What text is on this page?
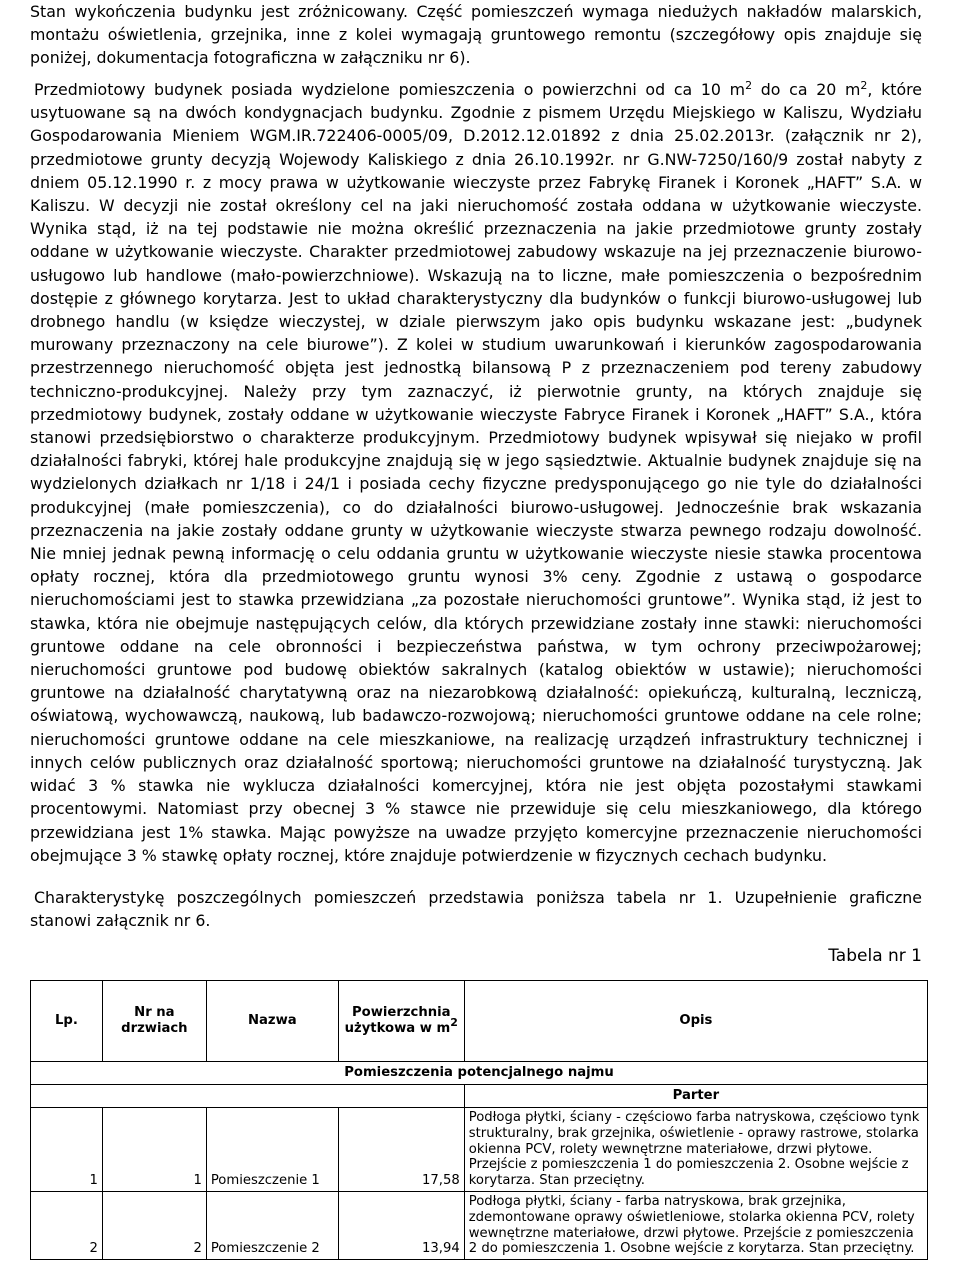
Stan wykończenia budynku jest zróżnicowany. Część pomieszczeń wymaga niedużych nakładów malarskich, montażu oświetlenia, grzejnika, inne z kolei wymagają gruntowego remontu (szczegółowy opis znajduje się poniżej, dokumentacja fotograficzna w załączniku nr 6).

Przedmiotowy budynek posiada wydzielone pomieszczenia o powierzchni od ca 10 $m^2$ do ca 20 $m^2$, które usytuowane są na dwóch kondygnacjach budynku. Zgodnie z pismem Urzędu Miejskiego w Kaliszu, Wydziału Gospodarowania Mieniem WGM.IR.722406-0005/09, D.2012.12.01892 z dnia 25.02.2013r. (załącznik nr 2), przedmiotowe grunty decyzją Wojewody Kaliskiego z dnia 26.10.1992r. nr G.NW-7250/160/9 został nabyty z dniem 05.12.1990 r. z mocy prawa w użytkowanie wieczyste przez Fabrykę Firanek i Koronek „HAFT” S.A. w Kaliszu. W decyzji nie został określony cel na jaki nieruchomość została oddana w użytkowanie wieczyste. Wynika stąd, iż na tej podstawie nie można określić przeznaczenia na jakie przedmiotowe grunty zostały oddane w użytkowanie wieczyste. Charakter przedmiotowej zabudowy wskazuje na jej przeznaczenie biurowo- usługowo lub handlowe (mało-powierzchniowe). Wskazują na to liczne, małe pomieszczenia o bezpośrednim dostępie z głównego korytarza. Jest to układ charakterystyczny dla budynków o funkcji biurowo-usługowej lub drobnego handlu (w księdze wieczystej, w dziale pierwszym jako opis budynku wskazane jest: „budynek murowany przeznaczony na cele biurowe”). Z kolei w studium uwarunkowań i kierunków zagospodarowania przestrzennego nieruchomość objęta jest jednostką bilansową P z przeznaczeniem pod tereny zabudowy techniczno-produkcyjnej. Należy przy tym zaznaczyć, iż pierwotnie grunty, na których znajduje się przedmiotowy budynek, zostały oddane w użytkowanie wieczyste Fabryce Firanek i Koronek „HAFT” S.A., która stanowi przedsiębiorstwo o charakterze produkcyjnym. Przedmiotowy budynek wpisywał się niejako w profil działalności fabryki, której hale produkcyjne znajdują się w jego sąsiedztwie. Aktualnie budynek znajduje się na wydzielonych działkach nr 1/18 i 24/1 i posiada cechy fizyczne predysponującego go nie tyle do działalności produkcyjnej (małe pomieszczenia), co do działalności biurowo-usługowej. Jednocześnie brak wskazania przeznaczenia na jakie zostały oddane grunty w użytkowanie wieczyste stwarza pewnego rodzaju dowolność. Nie mniej jednak pewną informację o celu oddania gruntu w użytkowanie wieczyste niesie stawka procentowa opłaty rocznej, która dla przedmiotowego gruntu wynosi 3% ceny. Zgodnie z ustawą o gospodarce nieruchomościami jest to stawka przewidziana „za pozostałe nieruchomości gruntowe”. Wynika stąd, iż jest to stawka, która nie obejmuje następujących celów, dla których przewidziane zostały inne stawki: nieruchomości gruntowe oddane na cele obronności i bezpieczeństwa państwa, w tym ochrony przeciwpożarowej; nieruchomości gruntowe pod budowę obiektów sakralnych (katalog obiektów w ustawie); nieruchomości gruntowe na działalność charytatywną oraz na niezarobkową działalność: opiekuńczą, kulturalną, leczniczą, oświatową, wychowawczą, naukową, lub badawczo-rozwojową; nieruchomości gruntowe oddane na cele rolne; nieruchomości gruntowe oddane na cele mieszkaniowe, na realizację urządzeń infrastruktury technicznej i innych celów publicznych oraz działalność sportową; nieruchomości gruntowe na działalność turystyczną. Jak widać 3 % stawka nie wyklucza działalności komercyjnej, która nie jest objęta pozostałymi stawkami procentowymi. Natomiast przy obecnej 3 % stawce nie przewiduje się celu mieszkaniowego, dla którego przewidziana jest 1% stawka. Mając powyższe na uwadze przyjęto komercyjne przeznaczenie nieruchomości obejmujące 3 % stawkę opłaty rocznej, które znajduje potwierdzenie w fizycznych cechach budynku.

Charakterystykę poszczególnych pomieszczeń przedstawia poniższa tabela nr 1. Uzupełnienie graficzne stanowi załącznik nr 6.

Tabela nr 1
Lp.	Nr na drzwiach	Nazwa	Powierzchnia użytkowa w $m^2$	Opis
Pomieszczenia potencjalnego najmu				
				Parter
1	1	Pomieszczenie 1	17,58	Podłoga płytki, ściany - częściowo farba natryskowa, częściowo tynk strukturalny, brak grzejnika, oświetlenie - oprawy rastrowe, stolarka okienna PCV, rolety wewnętrzne materiałowe, drzwi płytowe. Przejście z pomieszczenia 1 do pomieszczenia 2. Osobne wejście z korytarza. Stan przeciętny.
2	2	Pomieszczenie 2	13,94	Podłoga płytki, ściany - farba natryskowa, brak grzejnika, zdemontowane oprawy oświetleniowe, stolarka okienna PCV, rolety wewnętrzne materiałowe, drzwi płytowe. Przejście z pomieszczenia 2 do pomieszczenia 1. Osobne wejście z korytarza. Stan przeciętny.
